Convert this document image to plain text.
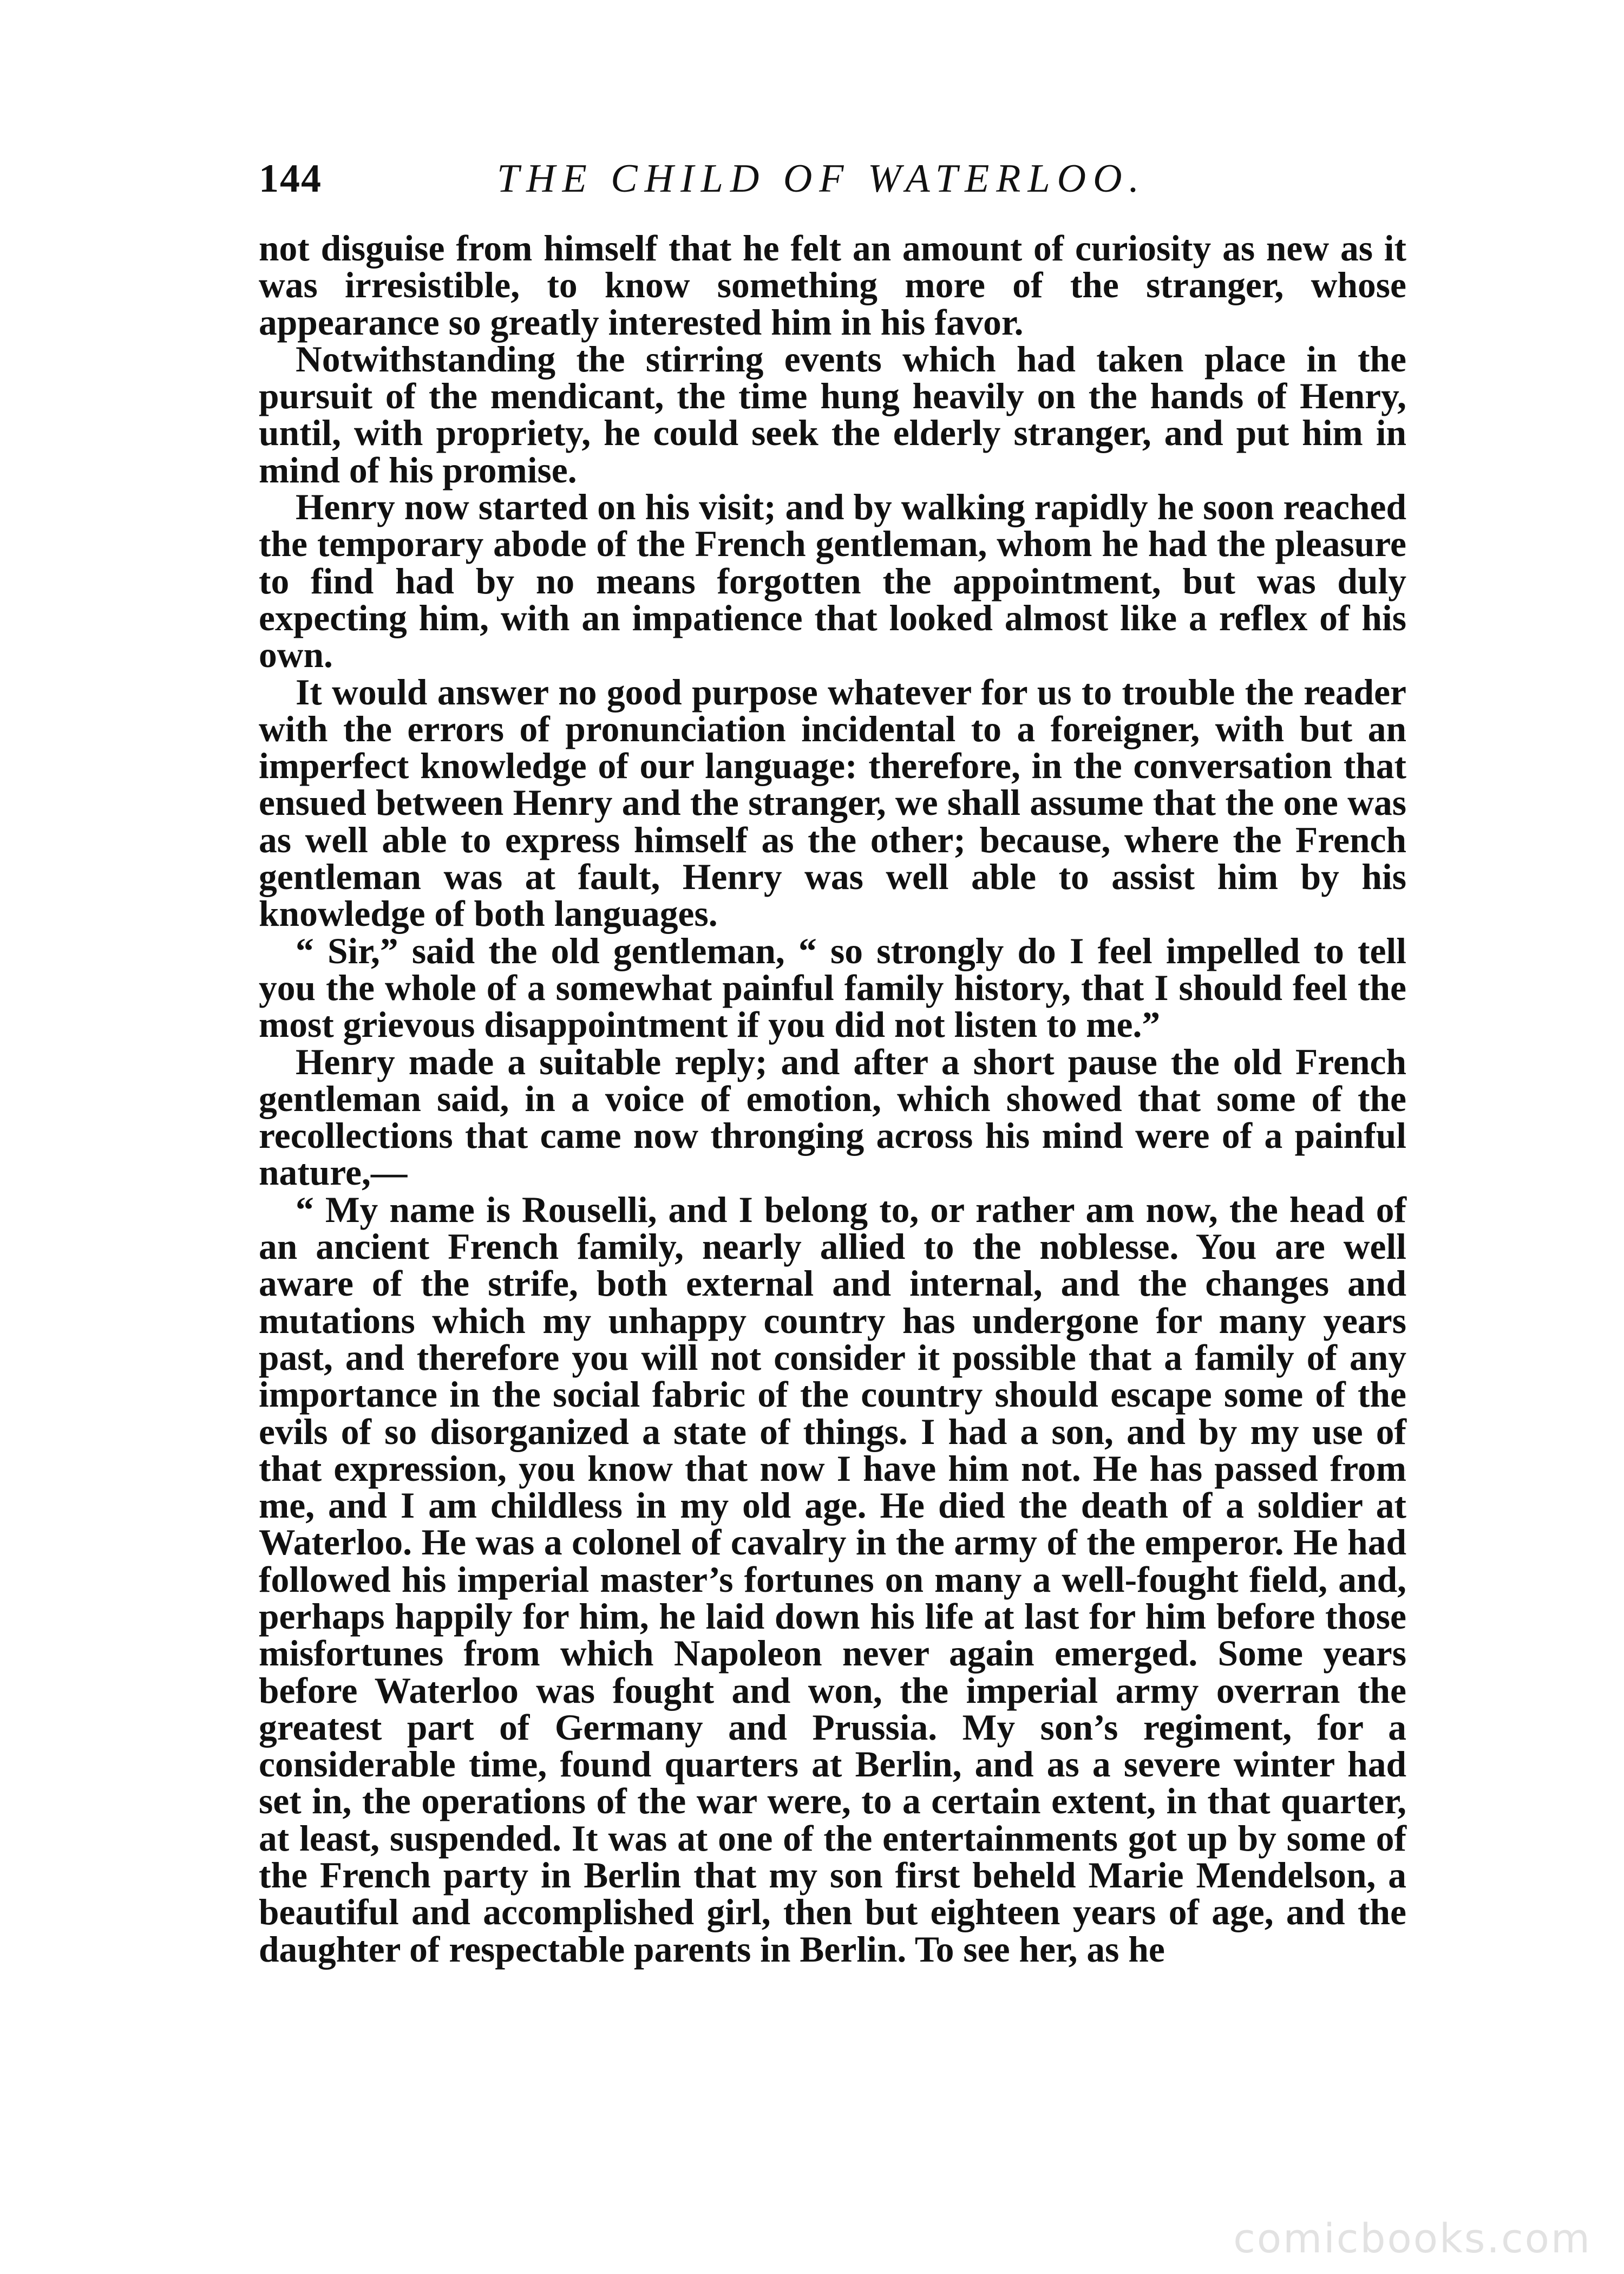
144	THE CHILD OF WATERLOO.

not disguise from himself that he felt an amount of curiosity as new as it was irresistible, to know something more of the stranger, whose appearance so greatly interested him in his favor.

Notwithstanding the stirring events which had taken place in the pursuit of the mendicant, the time hung heavily on the hands of Henry, until, with propriety, he could seek the elderly stranger, and put him in mind of his promise.

Henry now started on his visit; and by walking rapidly he soon reached the temporary abode of the French gentleman, whom he had the pleasure to find had by no means forgotten the appointment, but was duly expecting him, with an impatience that looked almost like a reflex of his own.

It would answer no good purpose whatever for us to trouble the reader with the errors of pronunciation incidental to a foreigner, with but an imperfect knowledge of our language: therefore, in the conversation that ensued between Henry and the stranger, we shall assume that the one was as well able to express himself as the other; because, where the French gentleman was at fault, Henry was well able to assist him by his knowledge of both languages.

“ Sir,” said the old gentleman, “ so strongly do I feel impelled to tell you the whole of a somewhat painful family history, that I should feel the most grievous disappointment if you did not listen to me.”

Henry made a suitable reply; and after a short pause the old French gentleman said, in a voice of emotion, which showed that some of the recollections that came now thronging across his mind were of a painful nature,—

“ My name is Rouselli, and I belong to, or rather am now, the head of an ancient French family, nearly allied to the noblesse. You are well aware of the strife, both external and internal, and the changes and mutations which my unhappy country has undergone for many years past, and therefore you will not consider it possible that a family of any importance in the social fabric of the country should escape some of the evils of so disorganized a state of things. I had a son, and by my use of that expression, you know that now I have him not. He has passed from me, and I am childless in my old age. He died the death of a soldier at Waterloo. He was a colonel of cavalry in the army of the emperor. He had followed his imperial master’s fortunes on many a well-fought field, and, perhaps happily for him, he laid down his life at last for him before those misfortunes from which Napoleon never again emerged. Some years before Waterloo was fought and won, the imperial army overran the greatest part of Germany and Prussia. My son’s regiment, for a considerable time, found quarters at Berlin, and as a severe winter had set in, the operations of the war were, to a certain extent, in that quarter, at least, suspended. It was at one of the entertainments got up by some of the French party in Berlin that my son first beheld Marie Mendelson, a beautiful and accomplished girl, then but eighteen years of age, and the daughter of respectable parents in Berlin. To see her, as he

comicbooks.com
